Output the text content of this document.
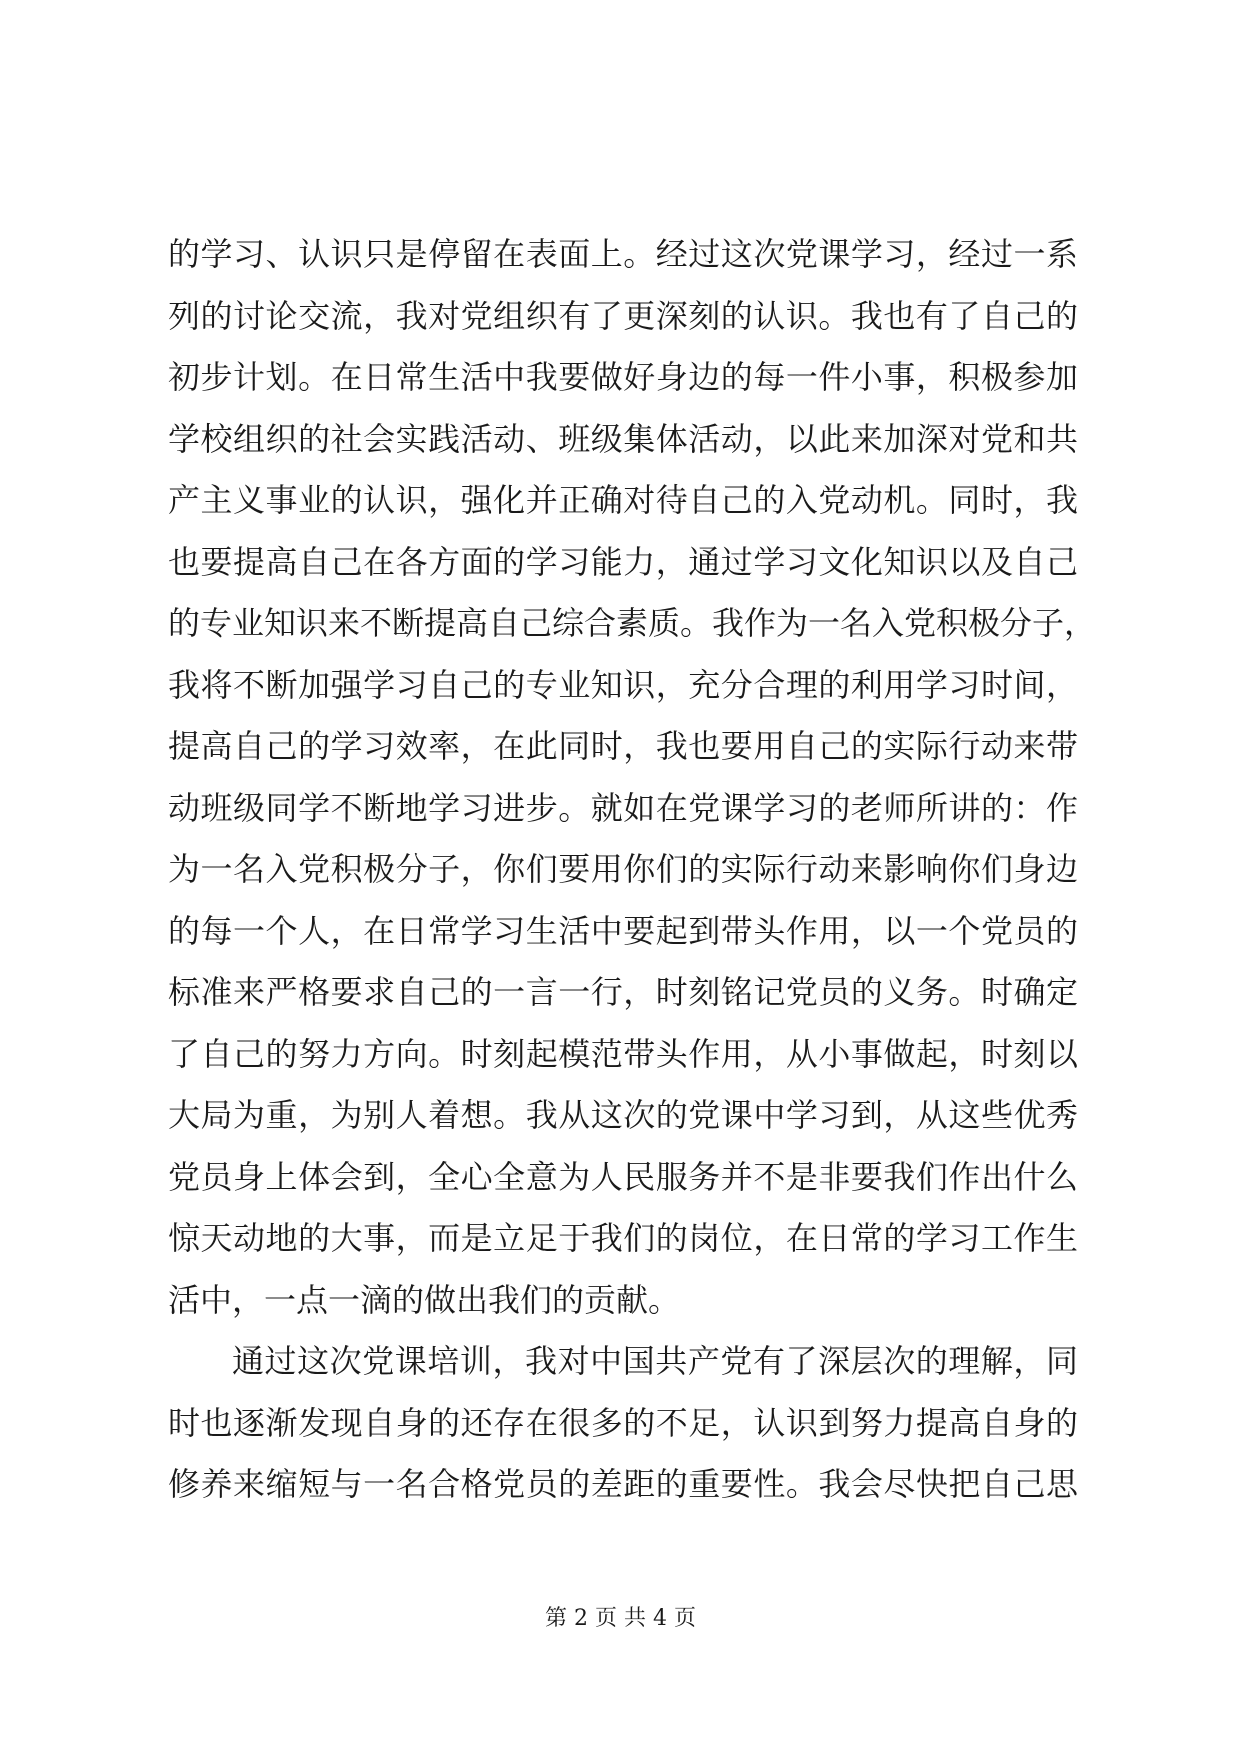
的学习、认识只是停留在表面上。经过这次党课学习，经过一系
列的讨论交流，我对党组织有了更深刻的认识。我也有了自己的
初步计划。在日常生活中我要做好身边的每一件小事，积极参加
学校组织的社会实践活动、班级集体活动，以此来加深对党和共
产主义事业的认识，强化并正确对待自己的入党动机。同时，我
也要提高自己在各方面的学习能力，通过学习文化知识以及自己
的专业知识来不断提高自己综合素质。我作为一名入党积极分子，
我将不断加强学习自己的专业知识，充分合理的利用学习时间，
提高自己的学习效率，在此同时，我也要用自己的实际行动来带
动班级同学不断地学习进步。就如在党课学习的老师所讲的：作
为一名入党积极分子，你们要用你们的实际行动来影响你们身边
的每一个人，在日常学习生活中要起到带头作用，以一个党员的
标准来严格要求自己的一言一行，时刻铭记党员的义务。时确定
了自己的努力方向。时刻起模范带头作用，从小事做起，时刻以
大局为重，为别人着想。我从这次的党课中学习到，从这些优秀
党员身上体会到，全心全意为人民服务并不是非要我们作出什么
惊天动地的大事，而是立足于我们的岗位，在日常的学习工作生
活中，一点一滴的做出我们的贡献。
通过这次党课培训，我对中国共产党有了深层次的理解，同
时也逐渐发现自身的还存在很多的不足，认识到努力提高自身的
修养来缩短与一名合格党员的差距的重要性。我会尽快把自己思
第 2 页 共 4 页
